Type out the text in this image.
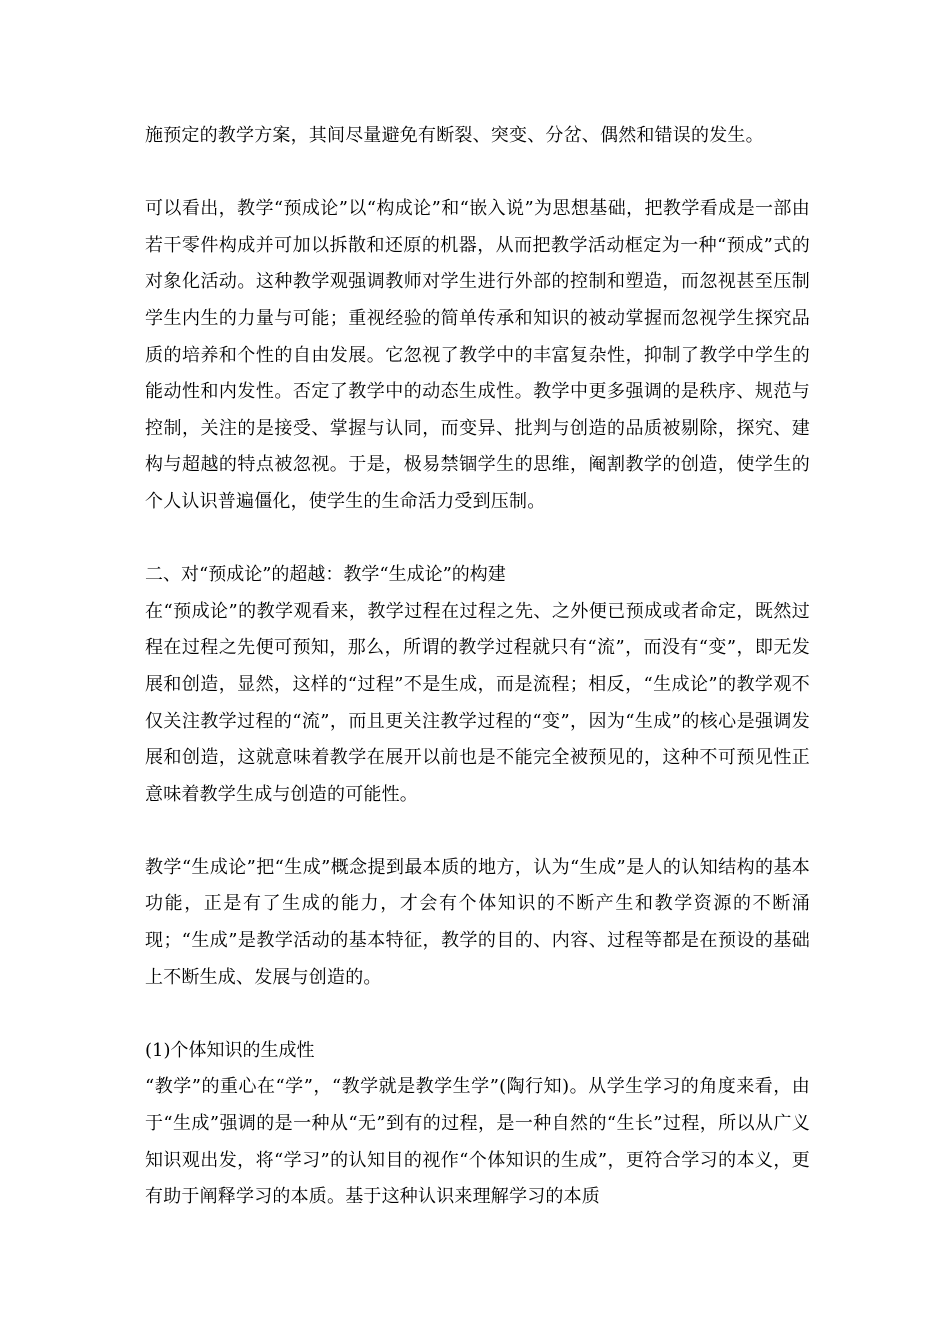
施预定的教学方案，其间尽量避免有断裂、突变、分岔、偶然和错误的发生。

可以看出，教学“预成论”以“构成论”和“嵌入说”为思想基础，把教学看成是一部由若干零件构成并可加以拆散和还原的机器，从而把教学活动框定为一种“预成”式的对象化活动。这种教学观强调教师对学生进行外部的控制和塑造，而忽视甚至压制学生内生的力量与可能；重视经验的简单传承和知识的被动掌握而忽视学生探究品质的培养和个性的自由发展。它忽视了教学中的丰富复杂性，抑制了教学中学生的能动性和内发性。否定了教学中的动态生成性。教学中更多强调的是秩序、规范与控制，关注的是接受、掌握与认同，而变异、批判与创造的品质被剔除，探究、建构与超越的特点被忽视。于是，极易禁锢学生的思维，阉割教学的创造，使学生的个人认识普遍僵化，使学生的生命活力受到压制。

二、对“预成论”的超越：教学“生成论”的构建

在“预成论”的教学观看来，教学过程在过程之先、之外便已预成或者命定，既然过程在过程之先便可预知，那么，所谓的教学过程就只有“流”，而没有“变”，即无发展和创造，显然，这样的“过程”不是生成，而是流程；相反，“生成论”的教学观不仅关注教学过程的“流”，而且更关注教学过程的“变”，因为“生成”的核心是强调发展和创造，这就意味着教学在展开以前也是不能完全被预见的，这种不可预见性正意味着教学生成与创造的可能性。

教学“生成论”把“生成”概念提到最本质的地方，认为“生成”是人的认知结构的基本功能，正是有了生成的能力，才会有个体知识的不断产生和教学资源的不断涌现；“生成”是教学活动的基本特征，教学的目的、内容、过程等都是在预设的基础上不断生成、发展与创造的。

(1)个体知识的生成性

“教学”的重心在“学”，“教学就是教学生学”(陶行知)。从学生学习的角度来看，由于“生成”强调的是一种从“无”到有的过程，是一种自然的“生长”过程，所以从广义知识观出发，将“学习”的认知目的视作“个体知识的生成”，更符合学习的本义，更有助于阐释学习的本质。基于这种认识来理解学习的本质
